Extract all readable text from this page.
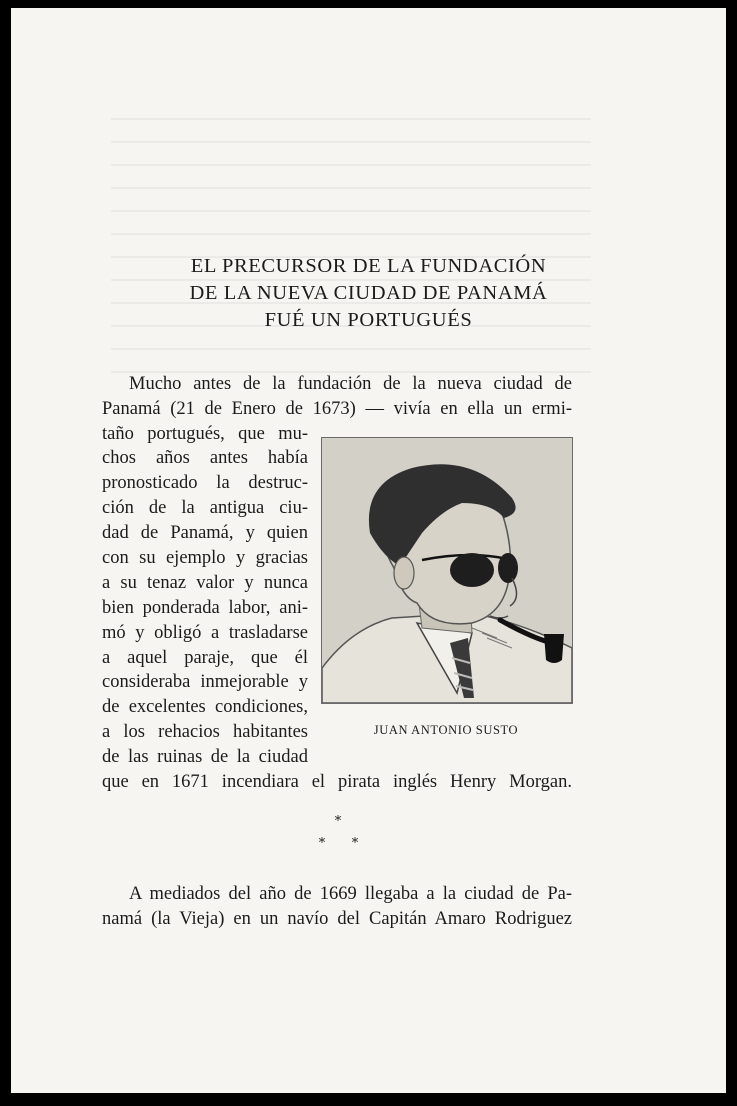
EL PRECURSOR DE LA FUNDACIÓN
DE LA NUEVA CIUDAD DE PANAMÁ
FUÉ UN PORTUGUÉS
Mucho antes de la fundación de la nueva ciudad de
Panamá (21 de Enero de 1673) — vivía en ella un ermi-
taño portugués, que mu-
chos años antes había
pronosticado la destruc-
ción de la antigua ciu-
dad de Panamá, y quien
con su ejemplo y gracias
a su tenaz valor y nunca
bien ponderada labor, ani-
mó y obligó a trasladarse
a aquel paraje, que él
consideraba inmejorable y
de excelentes condiciones,
a los rehacios habitantes
de las ruinas de la ciudad
que en 1671 incendiara el pirata inglés Henry Morgan.
JUAN ANTONIO SUSTO
*
* *
A mediados del año de 1669 llegaba a la ciudad de Pa-
namá (la Vieja) en un navío del Capitán Amaro Rodriguez
